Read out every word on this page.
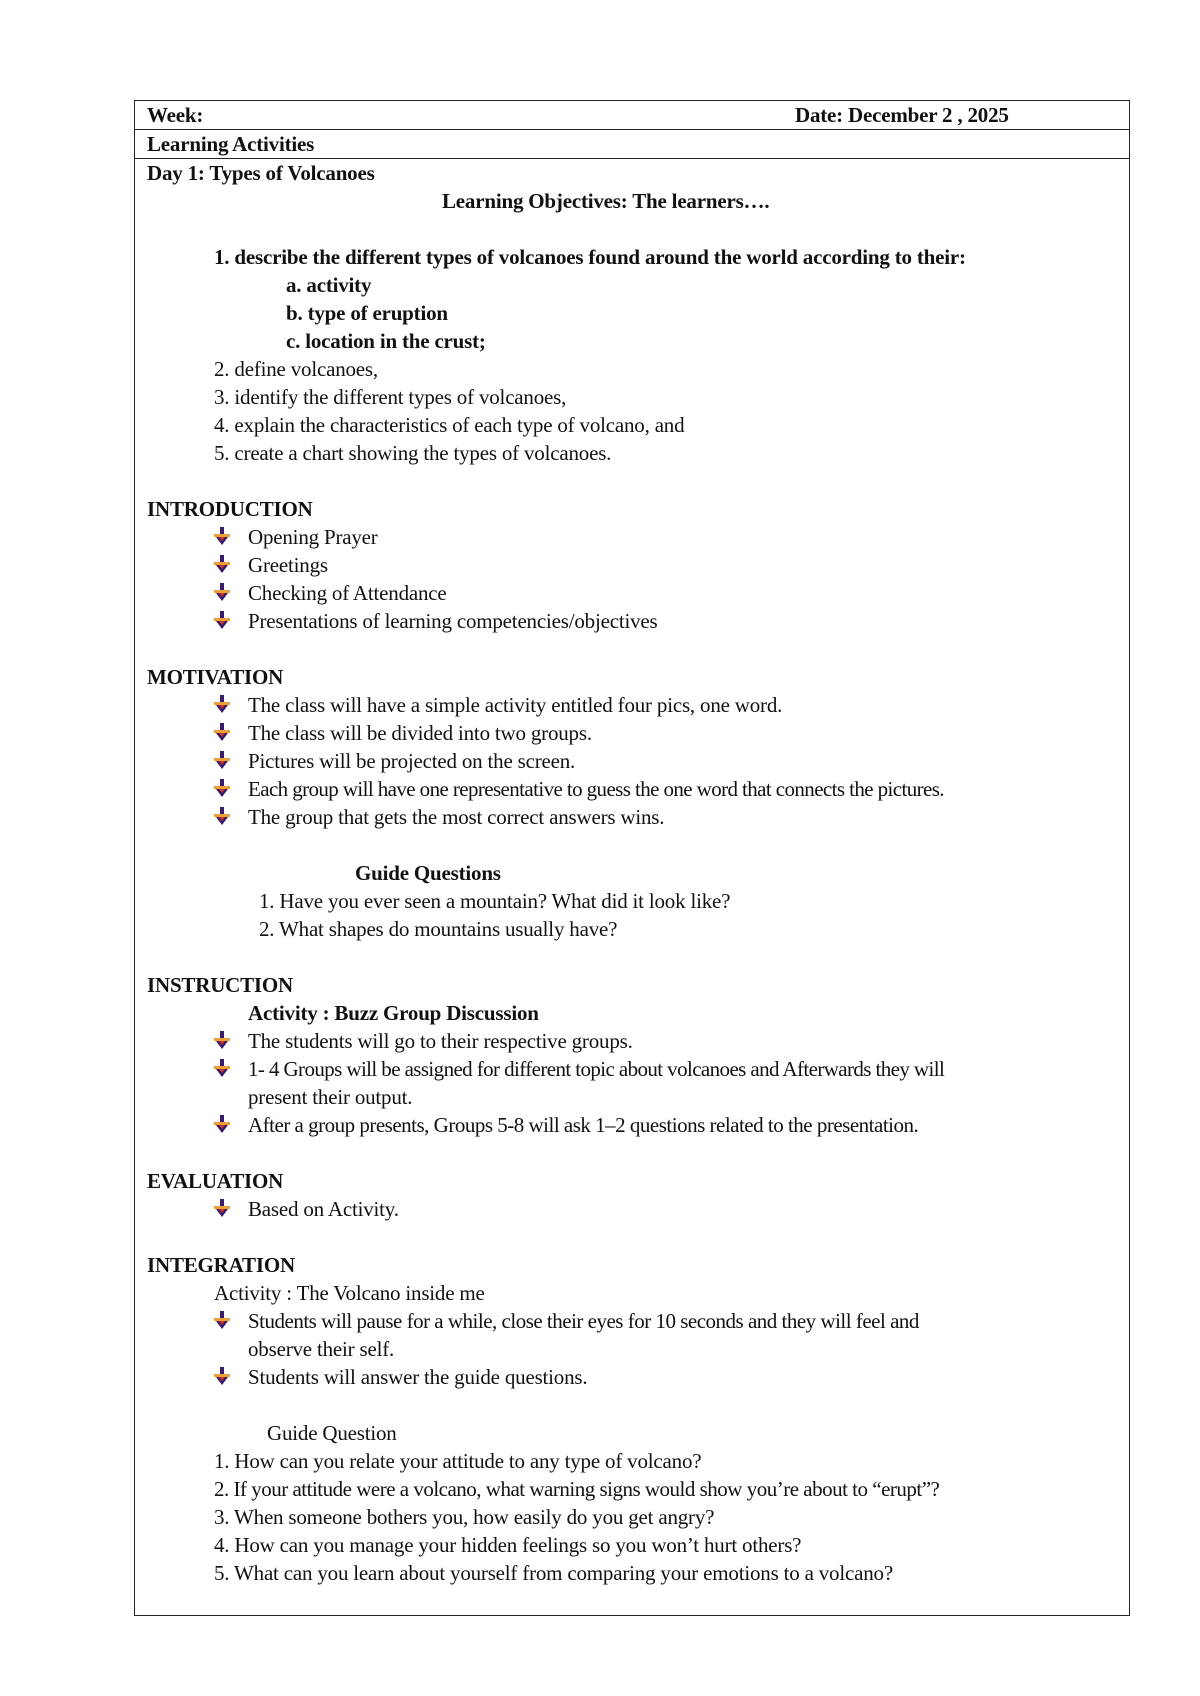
Week:	Date: December 2 , 2025
Learning Activities
Day 1: Types of Volcanoes
Learning Objectives: The learners….
1. describe the different types of volcanoes found around the world according to their:
a. activity
b. type of eruption
c. location in the crust;
2. define volcanoes,
3. identify the different types of volcanoes,
4. explain the characteristics of each type of volcano, and
5. create a chart showing the types of volcanoes.
INTRODUCTION
Opening Prayer
Greetings
Checking of Attendance
Presentations of learning competencies/objectives
MOTIVATION
The class will have a simple activity entitled four pics, one word.
The class will be divided into two groups.
Pictures will be projected on the screen.
Each group will have one representative to guess the one word that connects the pictures.
The group that gets the most correct answers wins.
Guide Questions
1. Have you ever seen a mountain? What did it look like?
2. What shapes do mountains usually have?
INSTRUCTION
Activity : Buzz Group Discussion
The students will go to their respective groups.
1- 4 Groups will be assigned for different topic about volcanoes and Afterwards they will
present their output.
After a group presents, Groups 5-8 will ask 1–2 questions related to the presentation.
EVALUATION
Based on Activity.
INTEGRATION
Activity : The Volcano inside me
Students will pause for a while, close their eyes for 10 seconds and they will feel and
observe their self.
Students will answer the guide questions.
Guide Question
1. How can you relate your attitude to any type of volcano?
2. If your attitude were a volcano, what warning signs would show you’re about to “erupt”?
3. When someone bothers you, how easily do you get angry?
4. How can you manage your hidden feelings so you won’t hurt others?
5. What can you learn about yourself from comparing your emotions to a volcano?
